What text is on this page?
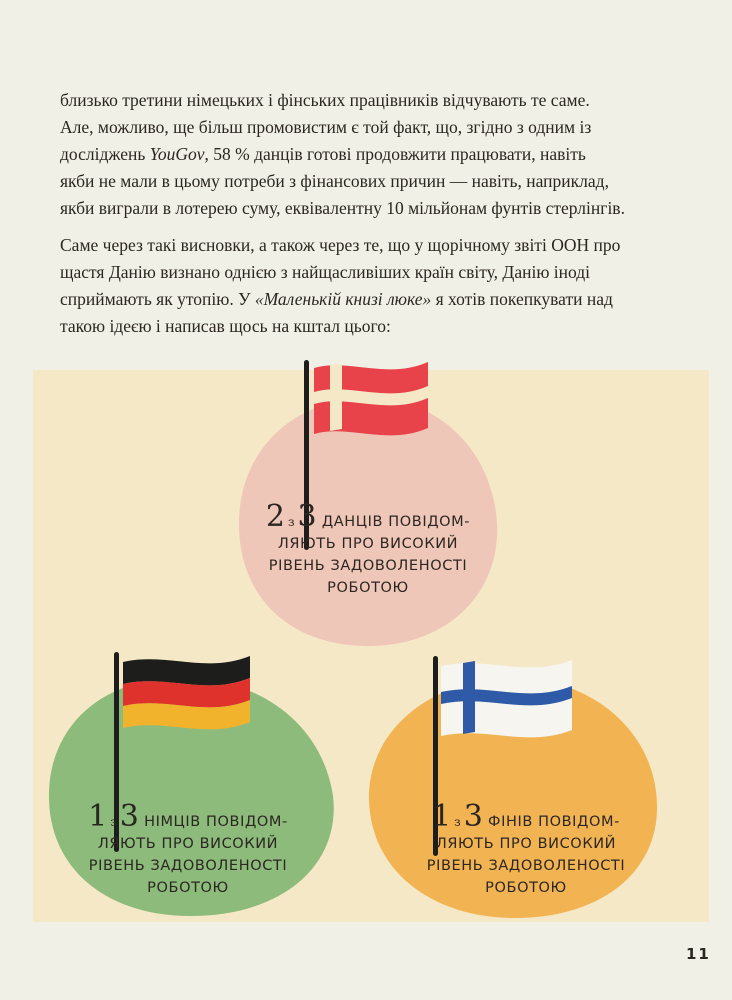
близько третини німецьких і фінських працівників відчувають те саме.
Але, можливо, ще більш промовистим є той факт, що, згідно з одним із
досліджень YouGov, 58 % данців готові продовжити працювати, навіть
якби не мали в цьому потреби з фінансових причин — навіть, наприклад,
якби виграли в лотерею суму, еквівалентну 10 мільйонам фунтів стерлінгів.

Саме через такі висновки, а також через те, що у щорічному звіті ООН про
щастя Данію визнано однією з найщасливіших країн світу, Данію іноді
сприймають як утопію. У «Маленькій книзі люке» я хотів покепкувати над
такою ідеєю і написав щось на кштал цього:

2 з 3 ДАНЦІВ ПОВІДОМ-
ЛЯЮТЬ ПРО ВИСОКИЙ
РІВЕНЬ ЗАДОВОЛЕНОСТІ
РОБОТОЮ
1 з 3 НІМЦІВ ПОВІДОМ-
ЛЯЮТЬ ПРО ВИСОКИЙ
РІВЕНЬ ЗАДОВОЛЕНОСТІ
РОБОТОЮ
1 з 3 ФІНІВ ПОВІДОМ-
ЛЯЮТЬ ПРО ВИСОКИЙ
РІВЕНЬ ЗАДОВОЛЕНОСТІ
РОБОТОЮ
11
